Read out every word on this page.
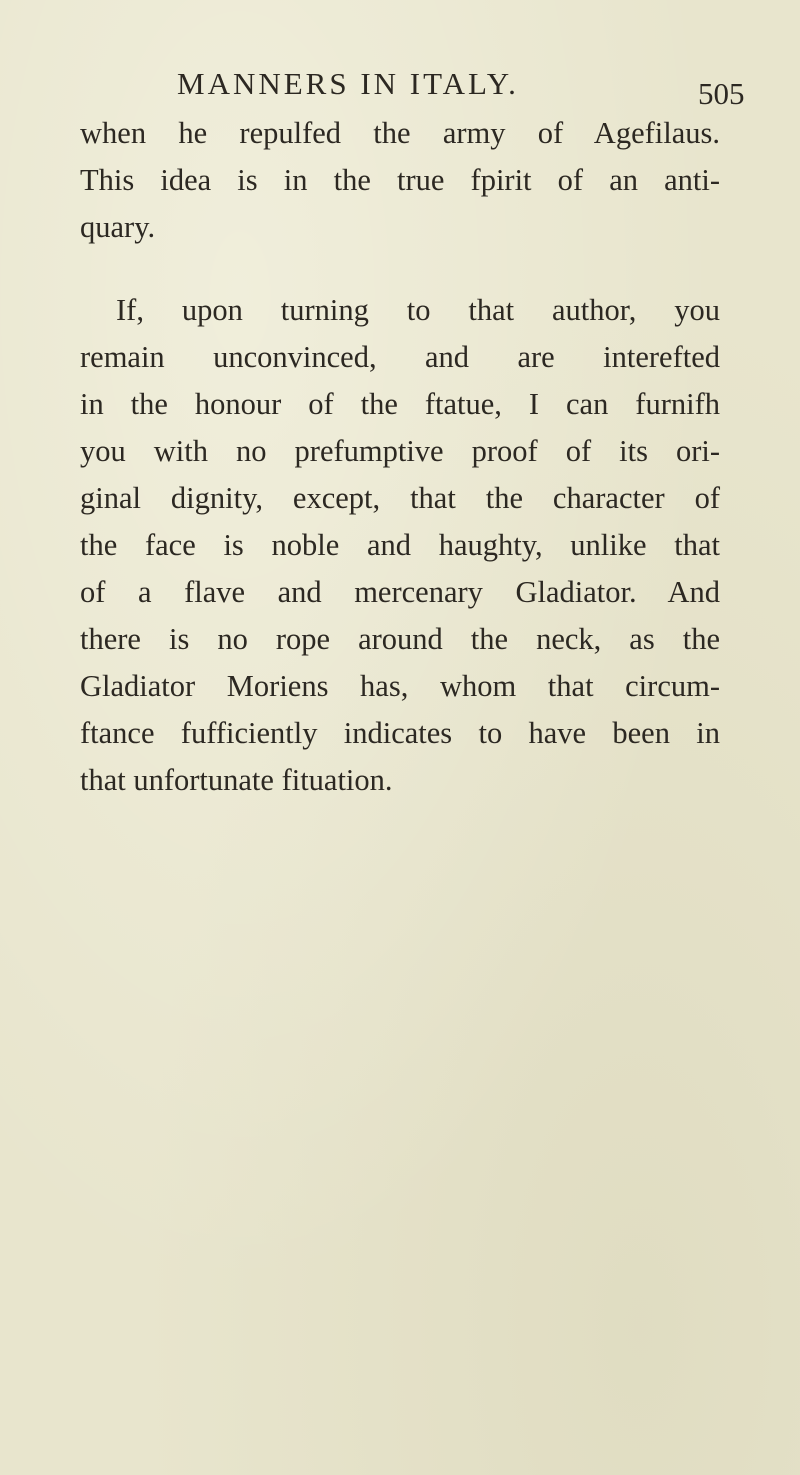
MANNERS IN ITALY.	505
when he repulfed the army of Agefilaus.
This idea is in the true fpirit of an anti-
quary.
If, upon turning to that author, you
remain unconvinced, and are interefted
in the honour of the ftatue, I can furnifh
you with no prefumptive proof of its ori-
ginal dignity, except, that the character of
the face is noble and haughty, unlike that
of a flave and mercenary Gladiator. And
there is no rope around the neck, as the
Gladiator Moriens has, whom that circum-
ftance fufficiently indicates to have been in
that unfortunate fituation.
